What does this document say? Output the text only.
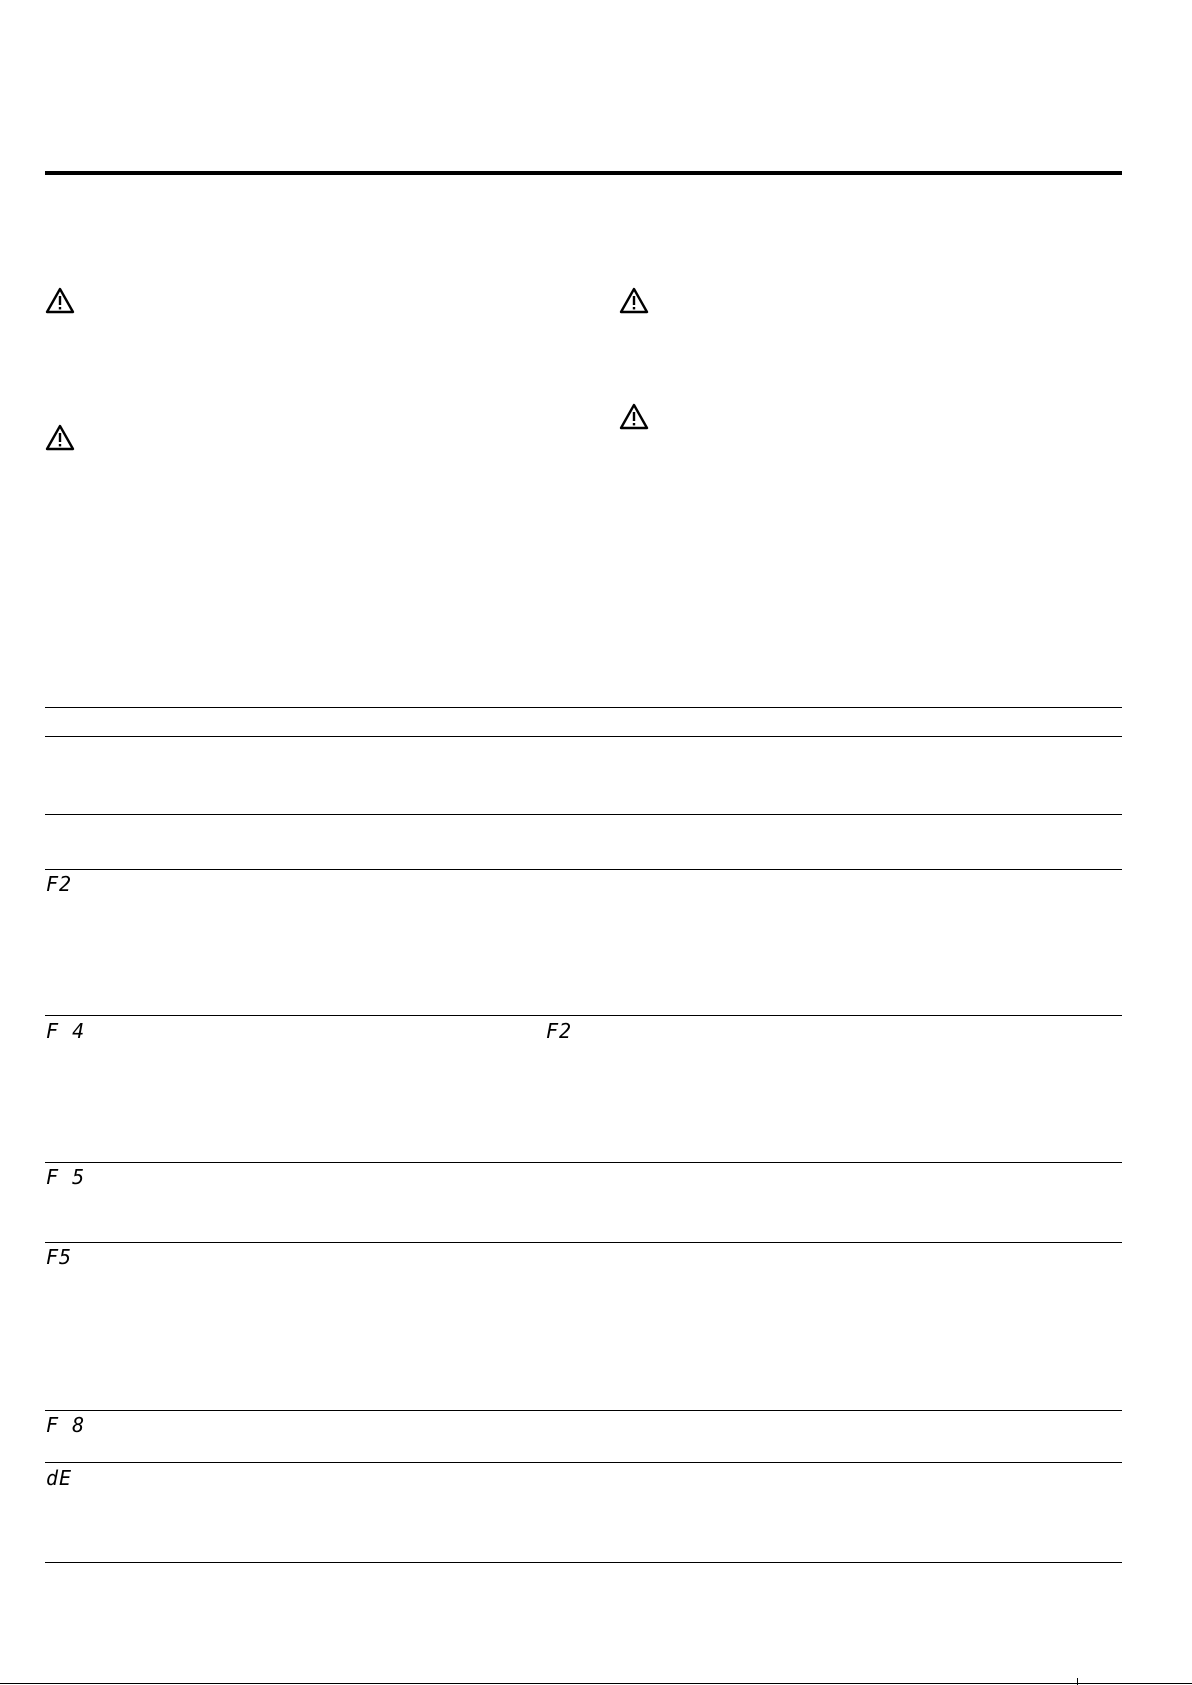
F2
F 4	F2
F 5
F5
F 8
dE
